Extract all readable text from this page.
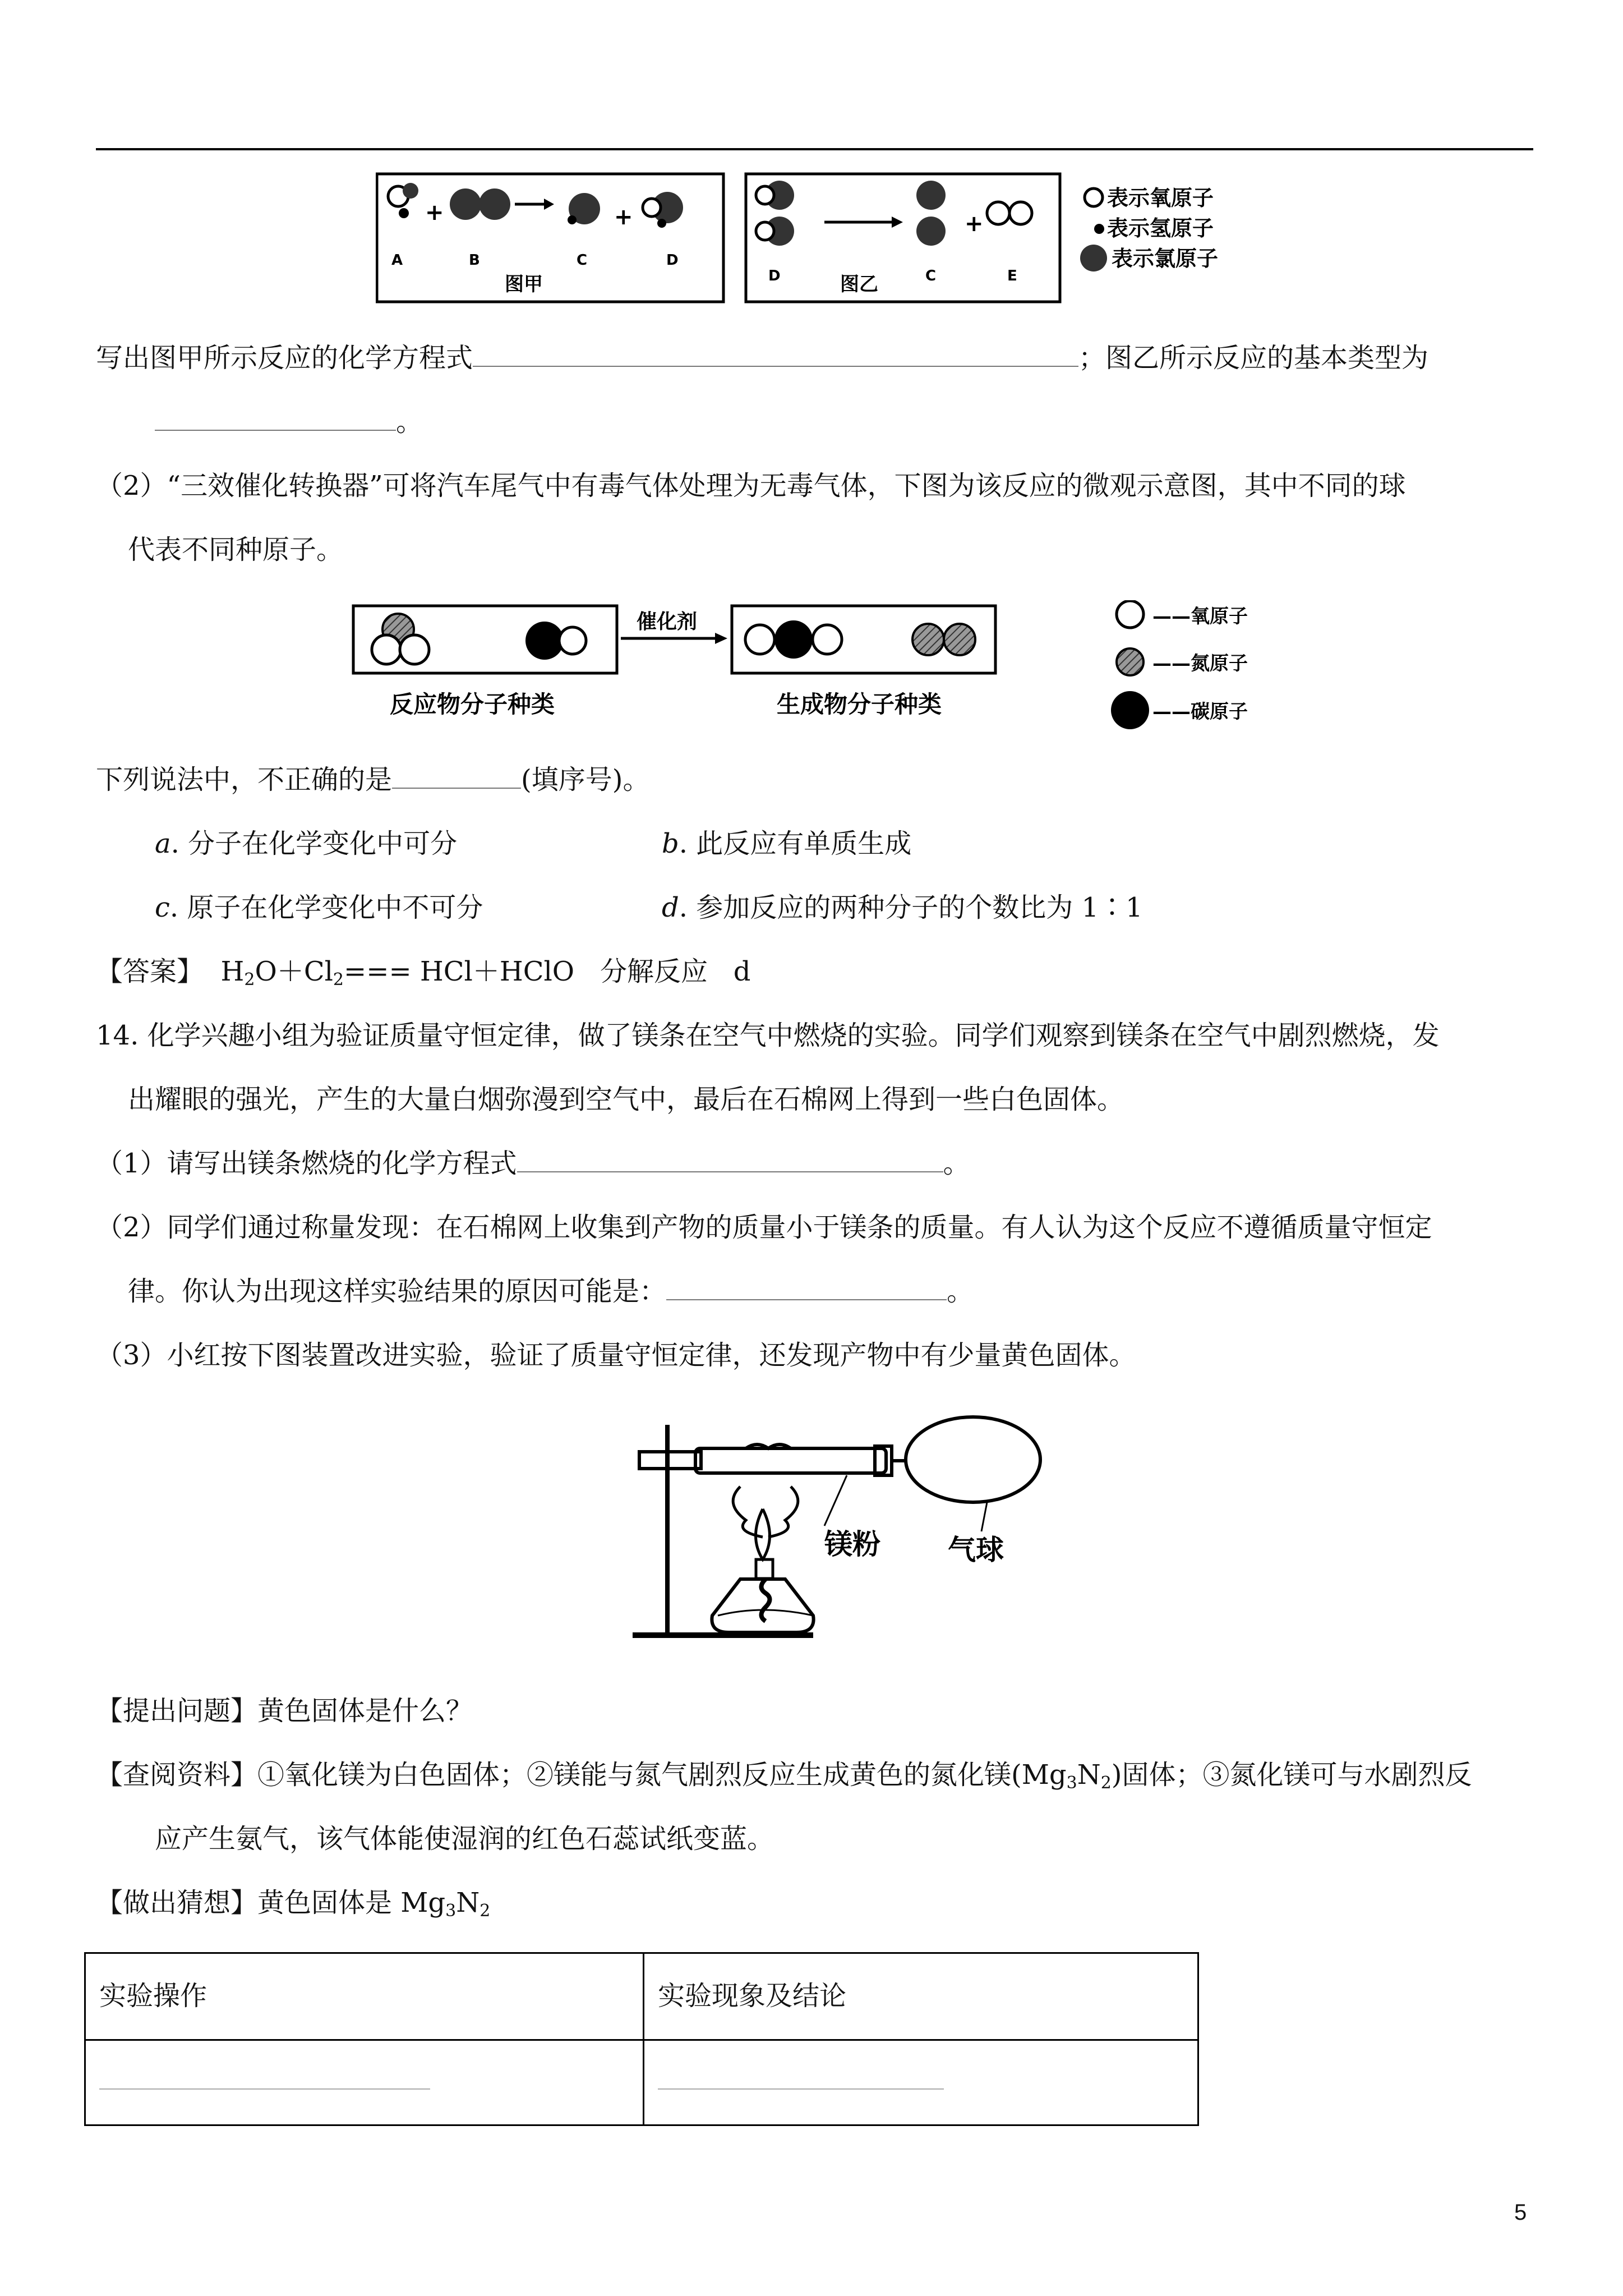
+	+
A	B	C	D
图甲
+
D	C	E
图乙
表示氧原子
表示氢原子
表示氯原子
写出图甲所示反应的化学方程式	；图乙所示反应的基本类型为
。
（2）“三效催化转换器”可将汽车尾气中有毒气体处理为无毒气体，下图为该反应的微观示意图，其中不同的球
代表不同种原子。
催化剂
反应物分子种类	生成物分子种类
——氧原子
——氮原子
——碳原子
下列说法中，不正确的是	(填序号)。
a. 分子在化学变化中可分	b. 此反应有单质生成
c. 原子在化学变化中不可分	d. 参加反应的两种分子的个数比为 1∶1
【答案】 $H_2O+Cl_2===$ HCl＋HClO 分解反应 d
14. 化学兴趣小组为验证质量守恒定律，做了镁条在空气中燃烧的实验。同学们观察到镁条在空气中剧烈燃烧，发
出耀眼的强光，产生的大量白烟弥漫到空气中，最后在石棉网上得到一些白色固体。
（1）请写出镁条燃烧的化学方程式	。
（2）同学们通过称量发现：在石棉网上收集到产物的质量小于镁条的质量。有人认为这个反应不遵循质量守恒定
律。你认为出现这样实验结果的原因可能是：	。
（3）小红按下图装置改进实验，验证了质量守恒定律，还发现产物中有少量黄色固体。
镁粉 气球
【提出问题】黄色固体是什么？
【查阅资料】①氧化镁为白色固体；②镁能与氮气剧烈反应生成黄色的氮化镁$(Mg_3N_2)$固体；③氮化镁可与水剧烈反
应产生氨气，该气体能使湿润的红色石蕊试纸变蓝。
【做出猜想】黄色固体是 $Mg_3N_2$
实验操作	实验现象及结论
5
